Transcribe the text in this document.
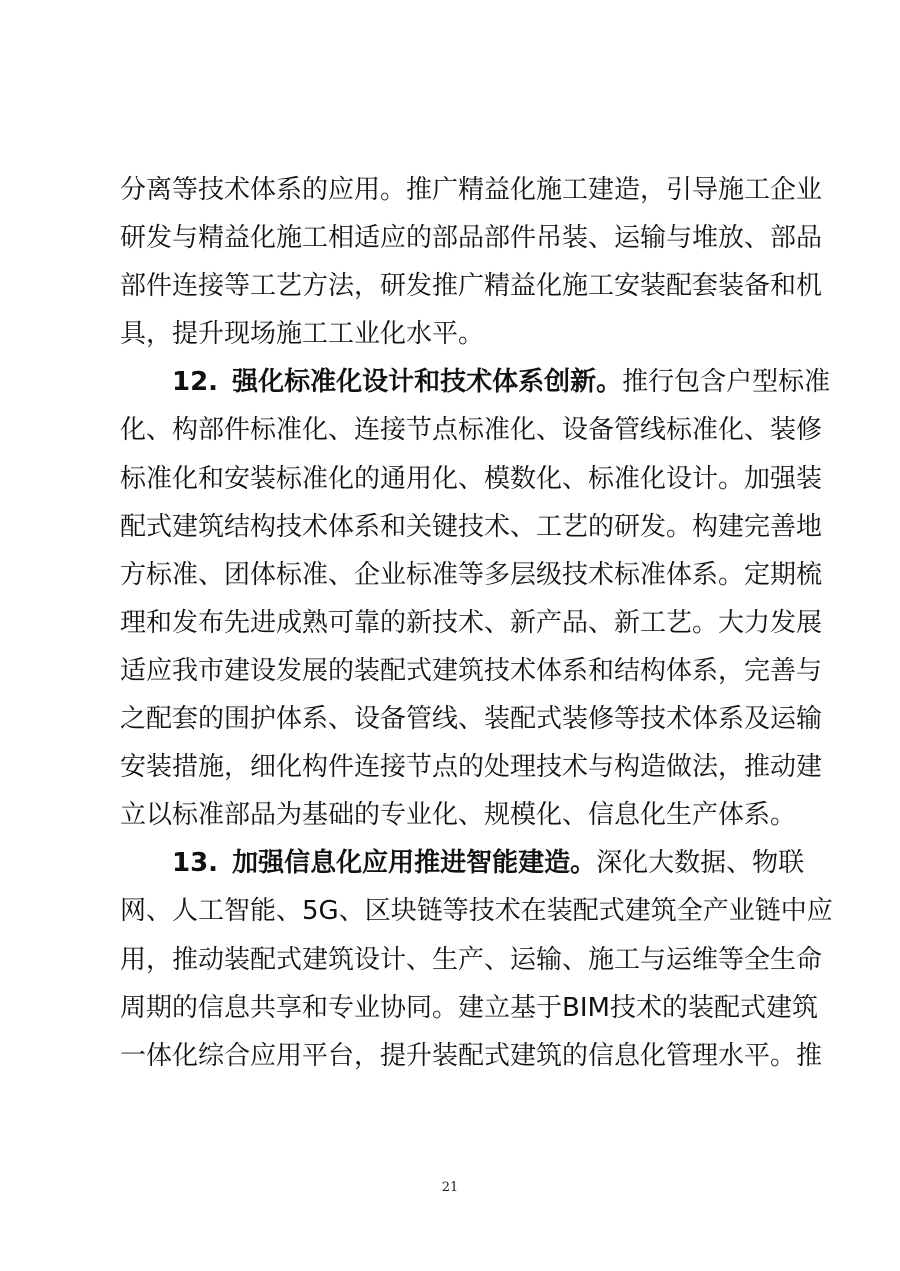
分离等技术体系的应用。推广精益化施工建造，引导施工企业
研发与精益化施工相适应的部品部件吊装、运输与堆放、部品
部件连接等工艺方法，研发推广精益化施工安装配套装备和机
具，提升现场施工工业化水平。
12. 强化标准化设计和技术体系创新。推行包含户型标准
化、构部件标准化、连接节点标准化、设备管线标准化、装修
标准化和安装标准化的通用化、模数化、标准化设计。加强装
配式建筑结构技术体系和关键技术、工艺的研发。构建完善地
方标准、团体标准、企业标准等多层级技术标准体系。定期梳
理和发布先进成熟可靠的新技术、新产品、新工艺。大力发展
适应我市建设发展的装配式建筑技术体系和结构体系，完善与
之配套的围护体系、设备管线、装配式装修等技术体系及运输
安装措施，细化构件连接节点的处理技术与构造做法，推动建
立以标准部品为基础的专业化、规模化、信息化生产体系。
13. 加强信息化应用推进智能建造。深化大数据、物联
网、人工智能、5G、区块链等技术在装配式建筑全产业链中应
用，推动装配式建筑设计、生产、运输、施工与运维等全生命
周期的信息共享和专业协同。建立基于BIM技术的装配式建筑
一体化综合应用平台，提升装配式建筑的信息化管理水平。推
21
